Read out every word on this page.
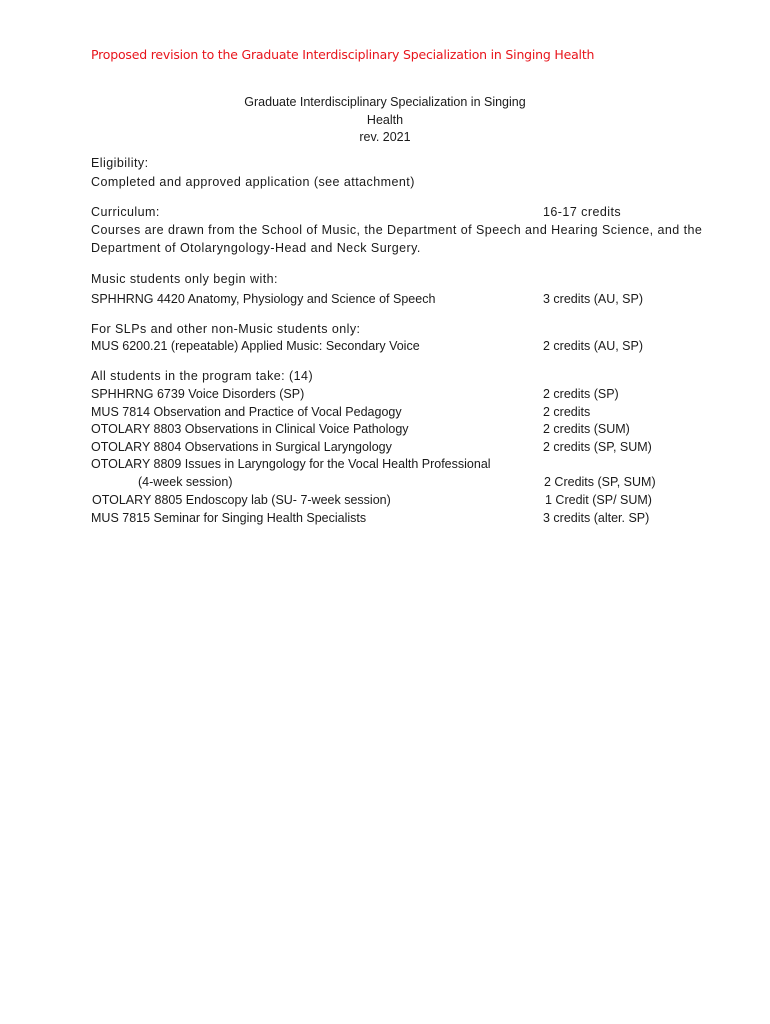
Proposed revision to the Graduate Interdisciplinary Specialization in Singing Health
Graduate Interdisciplinary Specialization in Singing
Health
rev. 2021
Eligibility:
Completed and approved application (see attachment)
Curriculum:	16-17 credits
Courses are drawn from the School of Music, the Department of Speech and Hearing Science, and the
Department of Otolaryngology-Head and Neck Surgery.
Music students only begin with:
SPHHRNG 4420 Anatomy, Physiology and Science of Speech	3 credits (AU, SP)
For SLPs and other non-Music students only:
MUS 6200.21 (repeatable) Applied Music: Secondary Voice	2 credits (AU, SP)
All students in the program take: (14)
SPHHRNG 6739 Voice Disorders (SP)	2 credits (SP)
MUS 7814 Observation and Practice of Vocal Pedagogy	2 credits
OTOLARY 8803 Observations in Clinical Voice Pathology	2 credits (SUM)
OTOLARY 8804 Observations in Surgical Laryngology	2 credits (SP, SUM)
OTOLARY 8809 Issues in Laryngology for the Vocal Health Professional
(4-week session)	2 Credits (SP, SUM)
OTOLARY 8805 Endoscopy lab (SU- 7-week session)	1 Credit (SP/ SUM)
MUS 7815 Seminar for Singing Health Specialists	3 credits (alter. SP)
